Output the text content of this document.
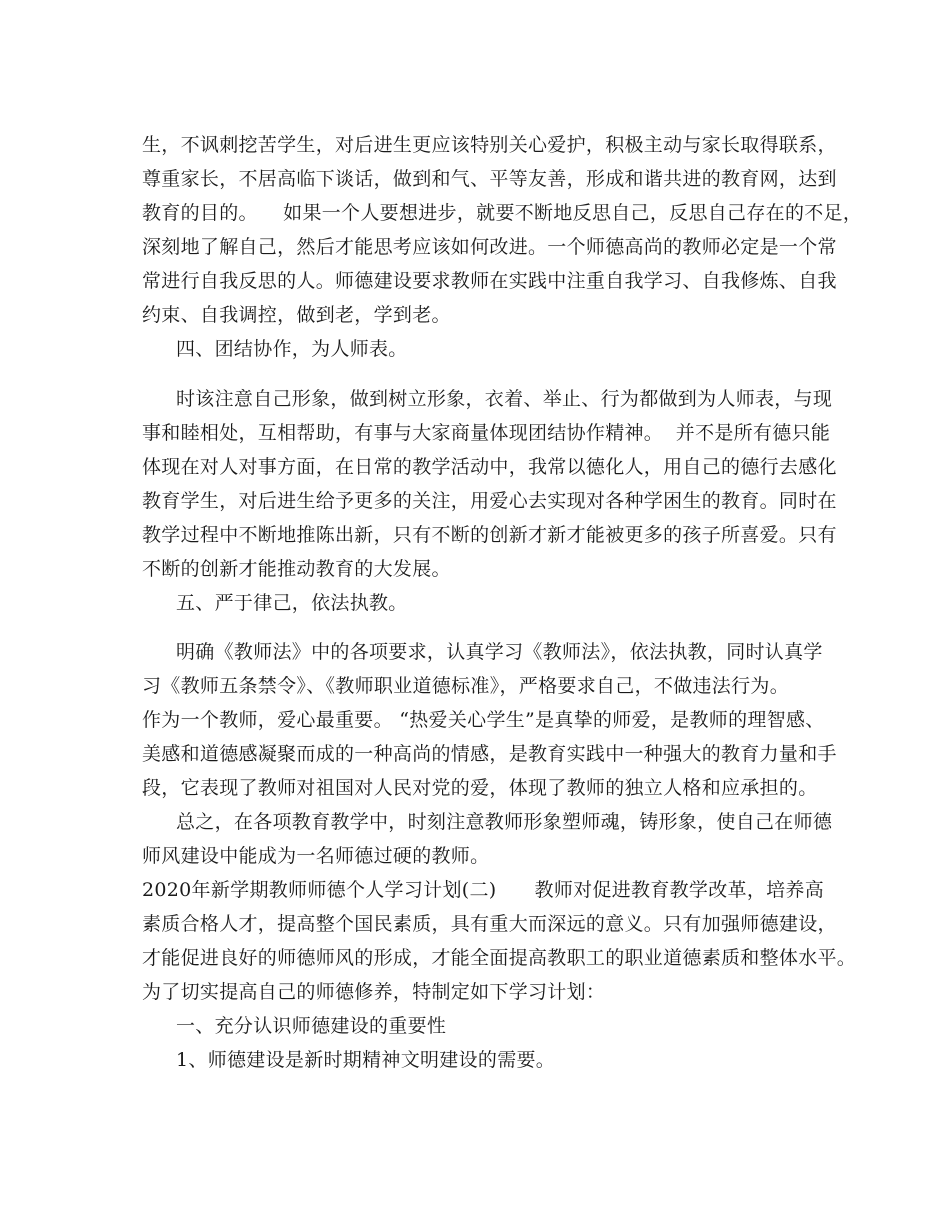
生，不讽刺挖苦学生，对后进生更应该特别关心爱护，积极主动与家长取得联系，
尊重家长，不居高临下谈话，做到和气、平等友善，形成和谐共进的教育网，达到
教育的目的。    如果一个人要想进步，就要不断地反思自己，反思自己存在的不足，
深刻地了解自己，然后才能思考应该如何改进。一个师德高尚的教师必定是一个常
常进行自我反思的人。师德建设要求教师在实践中注重自我学习、自我修炼、自我
约束、自我调控，做到老，学到老。
四、团结协作，为人师表。
时该注意自己形象，做到树立形象，衣着、举止、行为都做到为人师表，与现
事和睦相处，互相帮助，有事与大家商量体现团结协作精神。  并不是所有德只能
体现在对人对事方面，在日常的教学活动中，我常以德化人，用自己的德行去感化
教育学生，对后进生给予更多的关注，用爱心去实现对各种学困生的教育。同时在
教学过程中不断地推陈出新，只有不断的创新才新才能被更多的孩子所喜爱。只有
不断的创新才能推动教育的大发展。
五、严于律己，依法执教。
明确《教师法》中的各项要求，认真学习《教师法》，依法执教，同时认真学
习《教师五条禁令》、《教师职业道德标准》，严格要求自己，不做违法行为。
作为一个教师，爱心最重要。 “热爱关心学生”是真挚的师爱，是教师的理智感、
美感和道德感凝聚而成的一种高尚的情感，是教育实践中一种强大的教育力量和手
段，它表现了教师对祖国对人民对党的爱，体现了教师的独立人格和应承担的。
总之，在各项教育教学中，时刻注意教师形象塑师魂，铸形象，使自己在师德
师风建设中能成为一名师德过硬的教师。
2020年新学期教师师德个人学习计划(二)      教师对促进教育教学改革，培养高
素质合格人才，提高整个国民素质，具有重大而深远的意义。只有加强师德建设，
才能促进良好的师德师风的形成，才能全面提高教职工的职业道德素质和整体水平。
为了切实提高自己的师德修养，特制定如下学习计划：
一、充分认识师德建设的重要性
1、师德建设是新时期精神文明建设的需要。
